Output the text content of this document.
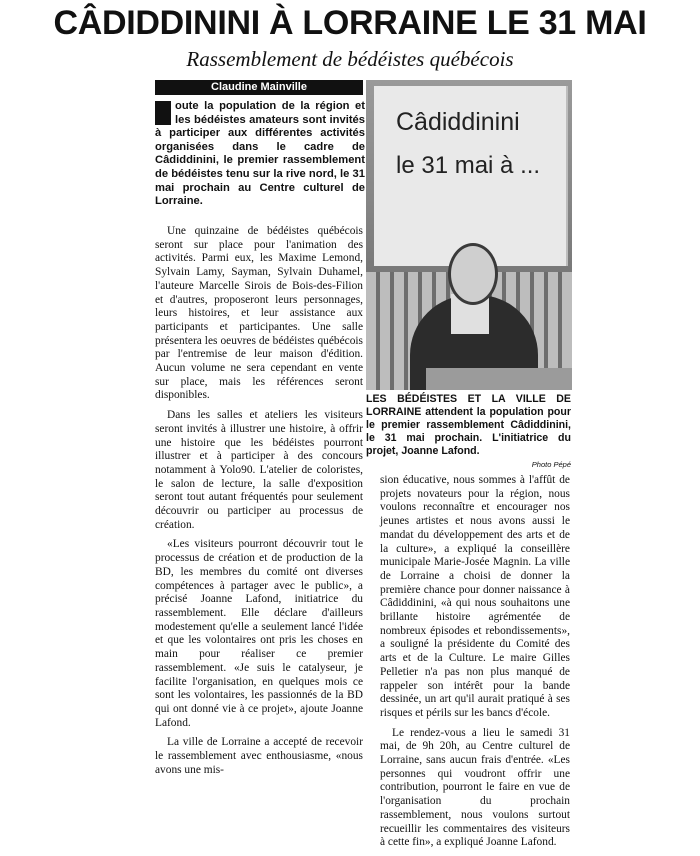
CÂDIDDININI À LORRAINE LE 31 MAI
Rassemblement de bédéistes québécois
Claudine Mainville
oute la population de la région et les bédéistes amateurs sont invités à participer aux différentes activités organisées dans le cadre de Câdiddinini, le premier rassemblement de bédéistes tenu sur la rive nord, le 31 mai prochain au Centre culturel de Lorraine.

Une quinzaine de bédéistes québécois seront sur place pour l'animation des activités. Parmi eux, les Maxime Lemond, Sylvain Lamy, Sayman, Sylvain Duhamel, l'auteure Marcelle Sirois de Bois-des-Filion et d'autres, proposeront leurs personnages, leurs histoires, et leur assistance aux participants et participantes. Une salle présentera les oeuvres de bédéistes québécois par l'entremise de leur maison d'édition. Aucun volume ne sera cependant en vente sur place, mais les références seront disponibles.

Dans les salles et ateliers les visiteurs seront invités à illustrer une histoire, à offrir une histoire que les bédéistes pourront illustrer et à participer à des concours notamment à Yolo90. L'atelier de coloristes, le salon de lecture, la salle d'exposition seront tout autant fréquentés pour seulement découvrir ou participer au processus de création.

«Les visiteurs pourront découvrir tout le processus de création et de production de la BD, les membres du comité ont diverses compétences à partager avec le public», a précisé Joanne Lafond, initiatrice du rassemblement. Elle déclare d'ailleurs modestement qu'elle a seulement lancé l'idée et que les volontaires ont pris les choses en main pour réaliser ce premier rassemblement. «Je suis le catalyseur, je facilite l'organisation, en quelques mois ce sont les volontaires, les passionnés de la BD qui ont donné vie à ce projet», ajoute Joanne Lafond.

La ville de Lorraine a accepté de recevoir le rassemblement avec enthousiasme, «nous avons une mis-

Câdiddinini
le 31 mai à ...
LES BÉDÉISTES ET LA VILLE DE LORRAINE attendent la population pour le premier rassemblement Câdiddinini, le 31 mai prochain. L'initiatrice du projet, Joanne Lafond.
Photo Pépé

sion éducative, nous sommes à l'affût de projets novateurs pour la région, nous voulons reconnaître et encourager nos jeunes artistes et nous avons aussi le mandat du développement des arts et de la culture», a expliqué la conseillère municipale Marie-Josée Magnin. La ville de Lorraine a choisi de donner la première chance pour donner naissance à Câdiddinini, «à qui nous souhaitons une brillante histoire agrémentée de nombreux épisodes et rebondissements», a souligné la présidente du Comité des arts et de la Culture. Le maire Gilles Pelletier n'a pas non plus manqué de rappeler son intérêt pour la bande dessinée, un art qu'il aurait pratiqué à ses risques et périls sur les bancs d'école.

Le rendez-vous a lieu le samedi 31 mai, de 9h 20h, au Centre culturel de Lorraine, sans aucun frais d'entrée. «Les personnes qui voudront offrir une contribution, pourront le faire en vue de l'organisation du prochain rassemblement, nous voulons surtout recueillir les commentaires des visiteurs à cette fin», a expliqué Joanne Lafond.
